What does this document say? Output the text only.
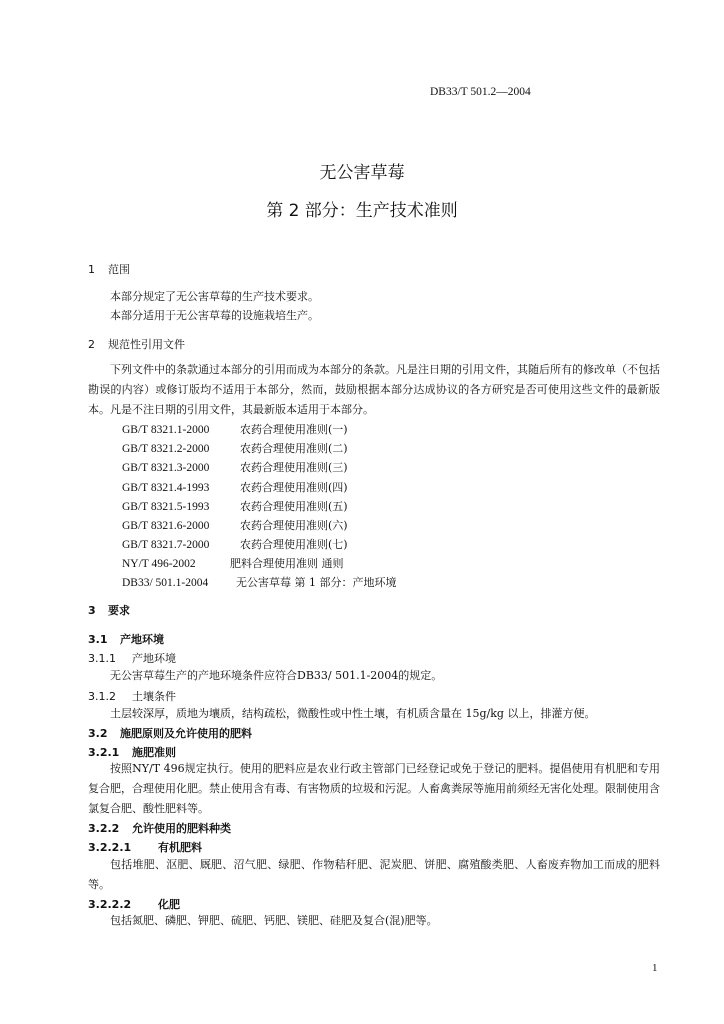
DB33/T 501.2—2004
无公害草莓
第 2 部分：生产技术准则
1 范围
本部分规定了无公害草莓的生产技术要求。
本部分适用于无公害草莓的设施栽培生产。
2 规范性引用文件
下列文件中的条款通过本部分的引用而成为本部分的条款。凡是注日期的引用文件，其随后所有的修改单（不包括勘误的内容）或修订版均不适用于本部分，然而，鼓励根据本部分达成协议的各方研究是否可使用这些文件的最新版本。凡是不注日期的引用文件，其最新版本适用于本部分。
GB/T 8321.1-2000	农药合理使用准则(一)
GB/T 8321.2-2000	农药合理使用准则(二)
GB/T 8321.3-2000	农药合理使用准则(三)
GB/T 8321.4-1993	农药合理使用准则(四)
GB/T 8321.5-1993	农药合理使用准则(五)
GB/T 8321.6-2000	农药合理使用准则(六)
GB/T 8321.7-2000	农药合理使用准则(七)
NY/T 496-2002	肥料合理使用准则 通则
DB33/ 501.1-2004	无公害草莓 第 1 部分：产地环境
3 要求
3.1 产地环境
3.1.1 产地环境
无公害草莓生产的产地环境条件应符合DB33/ 501.1-2004的规定。
3.1.2 土壤条件
土层较深厚，质地为壤质，结构疏松，微酸性或中性土壤，有机质含量在 15g/kg 以上，排灌方便。
3.2 施肥原则及允许使用的肥料
3.2.1 施肥准则
按照NY/T 496规定执行。使用的肥料应是农业行政主管部门已经登记或免于登记的肥料。提倡使用有机肥和专用复合肥，合理使用化肥。禁止使用含有毒、有害物质的垃圾和污泥。人畜禽粪尿等施用前须经无害化处理。限制使用含氯复合肥、酸性肥料等。
3.2.2 允许使用的肥料种类
3.2.2.1 有机肥料
包括堆肥、沤肥、厩肥、沼气肥、绿肥、作物秸秆肥、泥炭肥、饼肥、腐殖酸类肥、人畜废弃物加工而成的肥料等。
3.2.2.2 化肥
包括氮肥、磷肥、钾肥、硫肥、钙肥、镁肥、硅肥及复合(混)肥等。
1
